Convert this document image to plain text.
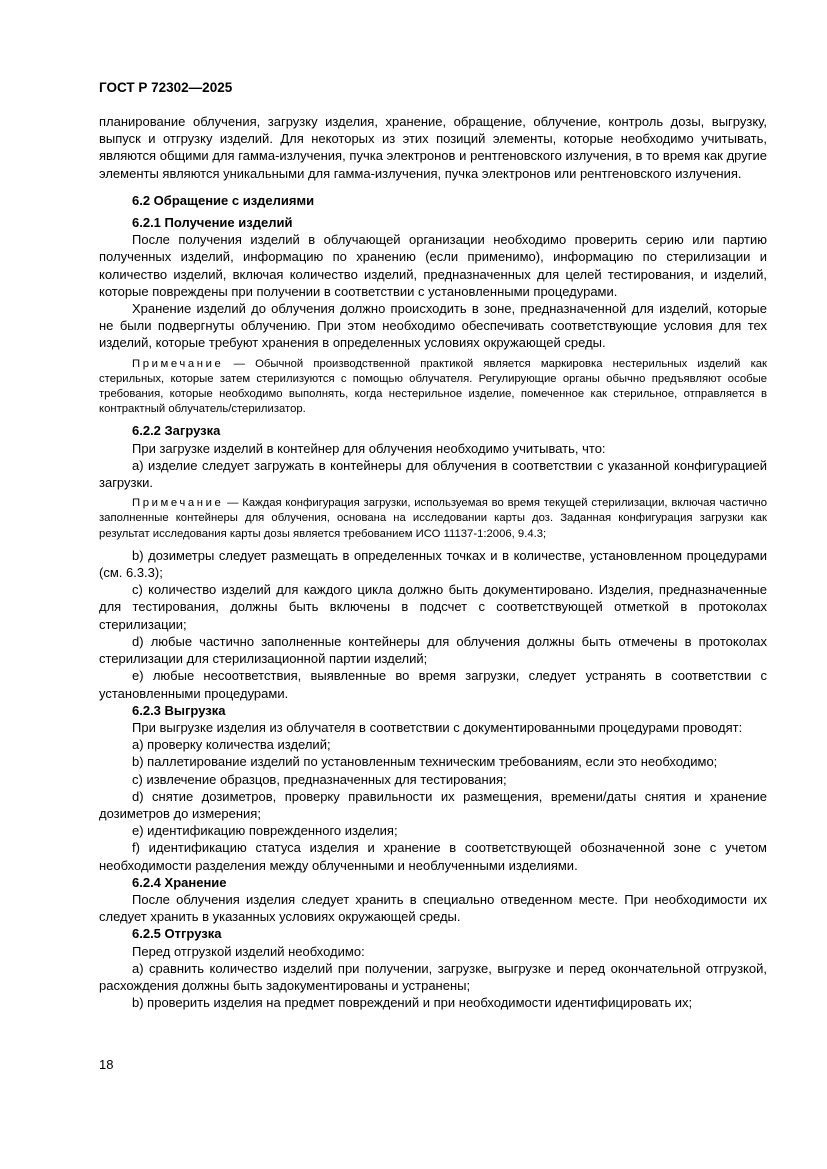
ГОСТ Р 72302—2025

планирование облучения, загрузку изделия, хранение, обращение, облучение, контроль дозы, выгрузку, выпуск и отгрузку изделий. Для некоторых из этих позиций элементы, которые необходимо учитывать, являются общими для гамма-излучения, пучка электронов и рентгеновского излучения, в то время как другие элементы являются уникальными для гамма-излучения, пучка электронов или рентгеновского излучения.

6.2 Обращение с изделиями

6.2.1 Получение изделий

После получения изделий в облучающей организации необходимо проверить серию или партию полученных изделий, информацию по хранению (если применимо), информацию по стерилизации и количество изделий, включая количество изделий, предназначенных для целей тестирования, и изделий, которые повреждены при получении в соответствии с установленными процедурами.

Хранение изделий до облучения должно происходить в зоне, предназначенной для изделий, которые не были подвергнуты облучению. При этом необходимо обеспечивать соответствующие условия для тех изделий, которые требуют хранения в определенных условиях окружающей среды.

Примечание — Обычной производственной практикой является маркировка нестерильных изделий как стерильных, которые затем стерилизуются с помощью облучателя. Регулирующие органы обычно предъявляют особые требования, которые необходимо выполнять, когда нестерильное изделие, помеченное как стерильное, отправляется в контрактный облучатель/стерилизатор.

6.2.2 Загрузка

При загрузке изделий в контейнер для облучения необходимо учитывать, что:

a) изделие следует загружать в контейнеры для облучения в соответствии с указанной конфигурацией загрузки.

Примечание — Каждая конфигурация загрузки, используемая во время текущей стерилизации, включая частично заполненные контейнеры для облучения, основана на исследовании карты доз. Заданная конфигурация загрузки как результат исследования карты дозы является требованием ИСО 11137-1:2006, 9.4.3;

b) дозиметры следует размещать в определенных точках и в количестве, установленном процедурами (см. 6.3.3);

c) количество изделий для каждого цикла должно быть документировано. Изделия, предназначенные для тестирования, должны быть включены в подсчет с соответствующей отметкой в протоколах стерилизации;

d) любые частично заполненные контейнеры для облучения должны быть отмечены в протоколах стерилизации для стерилизационной партии изделий;

e) любые несоответствия, выявленные во время загрузки, следует устранять в соответствии с установленными процедурами.

6.2.3 Выгрузка

При выгрузке изделия из облучателя в соответствии с документированными процедурами проводят:

a) проверку количества изделий;

b) паллетирование изделий по установленным техническим требованиям, если это необходимо;

c) извлечение образцов, предназначенных для тестирования;

d) снятие дозиметров, проверку правильности их размещения, времени/даты снятия и хранение дозиметров до измерения;

e) идентификацию поврежденного изделия;

f) идентификацию статуса изделия и хранение в соответствующей обозначенной зоне с учетом необходимости разделения между облученными и необлученными изделиями.

6.2.4 Хранение

После облучения изделия следует хранить в специально отведенном месте. При необходимости их следует хранить в указанных условиях окружающей среды.

6.2.5 Отгрузка

Перед отгрузкой изделий необходимо:

a) сравнить количество изделий при получении, загрузке, выгрузке и перед окончательной отгрузкой, расхождения должны быть задокументированы и устранены;

b) проверить изделия на предмет повреждений и при необходимости идентифицировать их;

18
